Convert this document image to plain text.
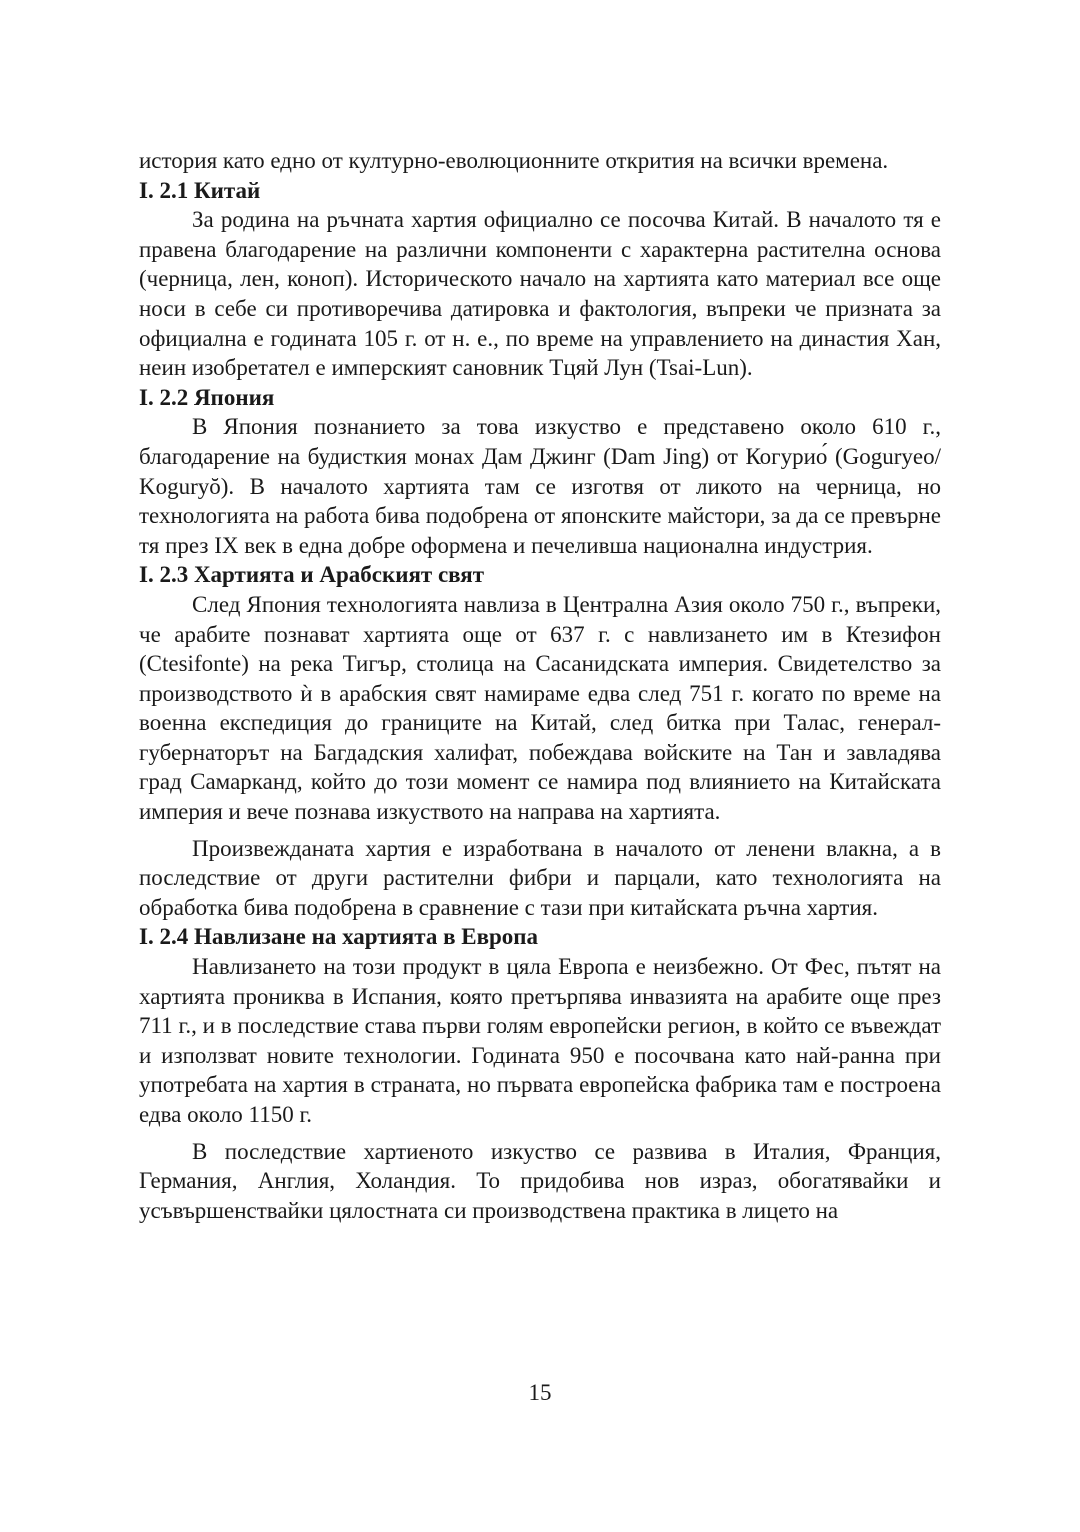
история като едно от културно-еволюционните открития на всички времена.

I. 2.1 Китай

За родина на ръчната хартия официално се посочва Китай. В началото тя е правена благодарение на различни компоненти с характерна растителна основа (черница, лен, коноп). Историческото начало на хартията като материал все още носи в себе си противоречива датировка и фактология, въпреки че призната за официална е годината 105 г. от н. е., по време на управлението на династия Хан, неин изобретател е имперският сановник Тцяй Лун (Tsai-Lun).

I. 2.2 Япония

В Япония познанието за това изкуство е представено около 610 г., благодарение на будисткия монах Дам Джинг (Dam Jing) от Когурио́ (Goguryeo/ Koguryŏ). В началото хартията там се изготвя от ликото на черница, но технологията на работа бива подобрена от японските майстори, за да се превърне тя през IX век в една добре оформена и печеливша национална индустрия.

I. 2.3 Хартията и Арабският свят

След Япония технологията навлиза в Централна Азия около 750 г., въпреки, че арабите познават хартията още от 637 г. с навлизането им в Ктезифон (Ctesifonte) на река Тигър, столица на Сасанидската империя. Свидетелство за производството ѝ в арабския свят намираме едва след 751 г. когато по време на военна експедиция до границите на Китай, след битка при Талас, генерал-губернаторът на Багдадския халифат, побеждава войските на Тан и завладява град Самарканд, който до този момент се намира под влиянието на Китайската империя и вече познава изкуството на направа на хартията.

Произвежданата хартия е изработвана в началото от ленени влакна, а в последствие от други растителни фибри и парцали, като технологията на обработка бива подобрена в сравнение с тази при китайската ръчна хартия.

I. 2.4 Навлизане на хартията в Европа

Навлизането на този продукт в цяла Европа е неизбежно. От Фес, пътят на хартията прониква в Испания, която претърпява инвазията на арабите още през 711 г., и в последствие става първи голям европейски регион, в който се въвеждат и използват новите технологии. Годината 950 е посочвана като най-ранна при употребата на хартия в страната, но първата европейска фабрика там е построена едва около 1150 г.

В последствие хартиеното изкуство се развива в Италия, Франция, Германия, Англия, Холандия. То придобива нов израз, обогатявайки и усъвършенствайки цялостната си производствена практика в лицето на

15
